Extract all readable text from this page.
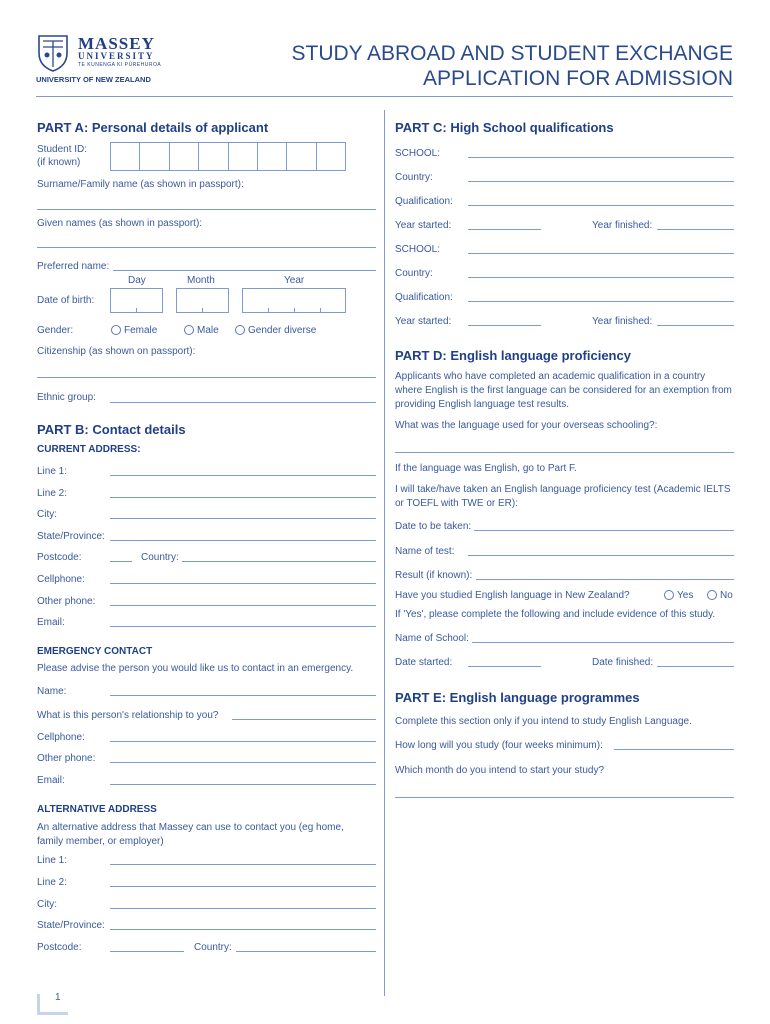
MASSEY
UNIVERSITY
TE KUNENGA KI PŪREHUROA
UNIVERSITY OF NEW ZEALAND
STUDY ABROAD AND STUDENT EXCHANGE
APPLICATION FOR ADMISSION
PART A: Personal details of applicant
Student ID:
(if known)
Surname/Family name (as shown in passport):
Given names (as shown in passport):
Preferred name:
Day	Month	Year
Date of birth:
Gender:	Female	Male	Gender diverse
Citizenship (as shown on passport):
Ethnic group:
PART B: Contact details
CURRENT ADDRESS:
Line 1:
Line 2:
City:
State/Province:
Postcode:	Country:
Cellphone:
Other phone:
Email:
EMERGENCY CONTACT
Please advise the person you would like us to contact in an emergency.
Name:
What is this person's relationship to you?
Cellphone:
Other phone:
Email:
ALTERNATIVE ADDRESS
An alternative address that Massey can use to contact you (eg home, family member, or employer)
Line 1:
Line 2:
City:
State/Province:
Postcode:	Country:
PART C: High School qualifications
SCHOOL:
Country:
Qualification:
Year started:	Year finished:
SCHOOL:
Country:
Qualification:
Year started:	Year finished:
PART D: English language proficiency
Applicants who have completed an academic qualification in a country where English is the first language can be considered for an exemption from providing English language test results.
What was the language used for your overseas schooling?:
If the language was English, go to Part F.
I will take/have taken an English language proficiency test (Academic IELTS or TOEFL with TWE or ER):
Date to be taken:
Name of test:
Result (if known):
Have you studied English language in New Zealand?	Yes	No
If 'Yes', please complete the following and include evidence of this study.
Name of School:
Date started:	Date finished:
PART E: English language programmes
Complete this section only if you intend to study English Language.
How long will you study (four weeks minimum):
Which month do you intend to start your study?
1
